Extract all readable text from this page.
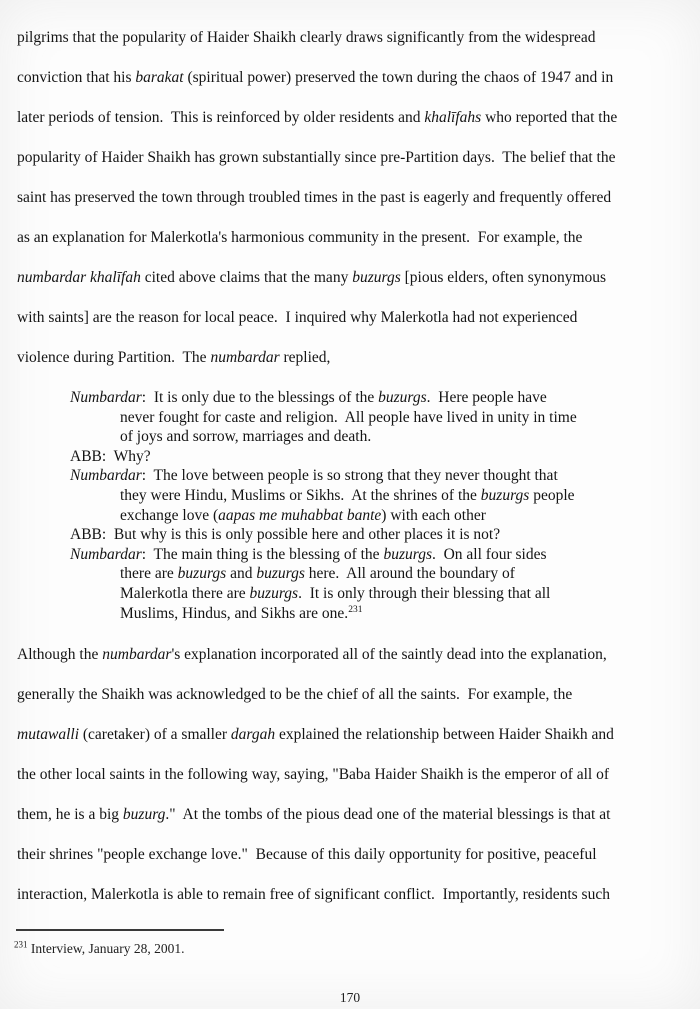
pilgrims that the popularity of Haider Shaikh clearly draws significantly from the widespread
conviction that his barakat (spiritual power) preserved the town during the chaos of 1947 and in
later periods of tension.  This is reinforced by older residents and khalīfahs who reported that the
popularity of Haider Shaikh has grown substantially since pre-Partition days.  The belief that the
saint has preserved the town through troubled times in the past is eagerly and frequently offered
as an explanation for Malerkotla's harmonious community in the present.  For example, the
numbardar khalīfah cited above claims that the many buzurgs [pious elders, often synonymous
with saints] are the reason for local peace.  I inquired why Malerkotla had not experienced
violence during Partition.  The numbardar replied,
Numbardar:  It is only due to the blessings of the buzurgs.  Here people have
never fought for caste and religion.  All people have lived in unity in time
of joys and sorrow, marriages and death.
ABB:  Why?
Numbardar:  The love between people is so strong that they never thought that
they were Hindu, Muslims or Sikhs.  At the shrines of the buzurgs people
exchange love (aapas me muhabbat bante) with each other
ABB:  But why is this is only possible here and other places it is not?
Numbardar:  The main thing is the blessing of the buzurgs.  On all four sides
there are buzurgs and buzurgs here.  All around the boundary of
Malerkotla there are buzurgs.  It is only through their blessing that all
Muslims, Hindus, and Sikhs are one.$^{231}$
Although the numbardar's explanation incorporated all of the saintly dead into the explanation,
generally the Shaikh was acknowledged to be the chief of all the saints.  For example, the
mutawalli (caretaker) of a smaller dargah explained the relationship between Haider Shaikh and
the other local saints in the following way, saying, "Baba Haider Shaikh is the emperor of all of
them, he is a big buzurg."  At the tombs of the pious dead one of the material blessings is that at
their shrines "people exchange love."  Because of this daily opportunity for positive, peaceful
interaction, Malerkotla is able to remain free of significant conflict.  Importantly, residents such
$^{231}$ Interview, January 28, 2001.
170
